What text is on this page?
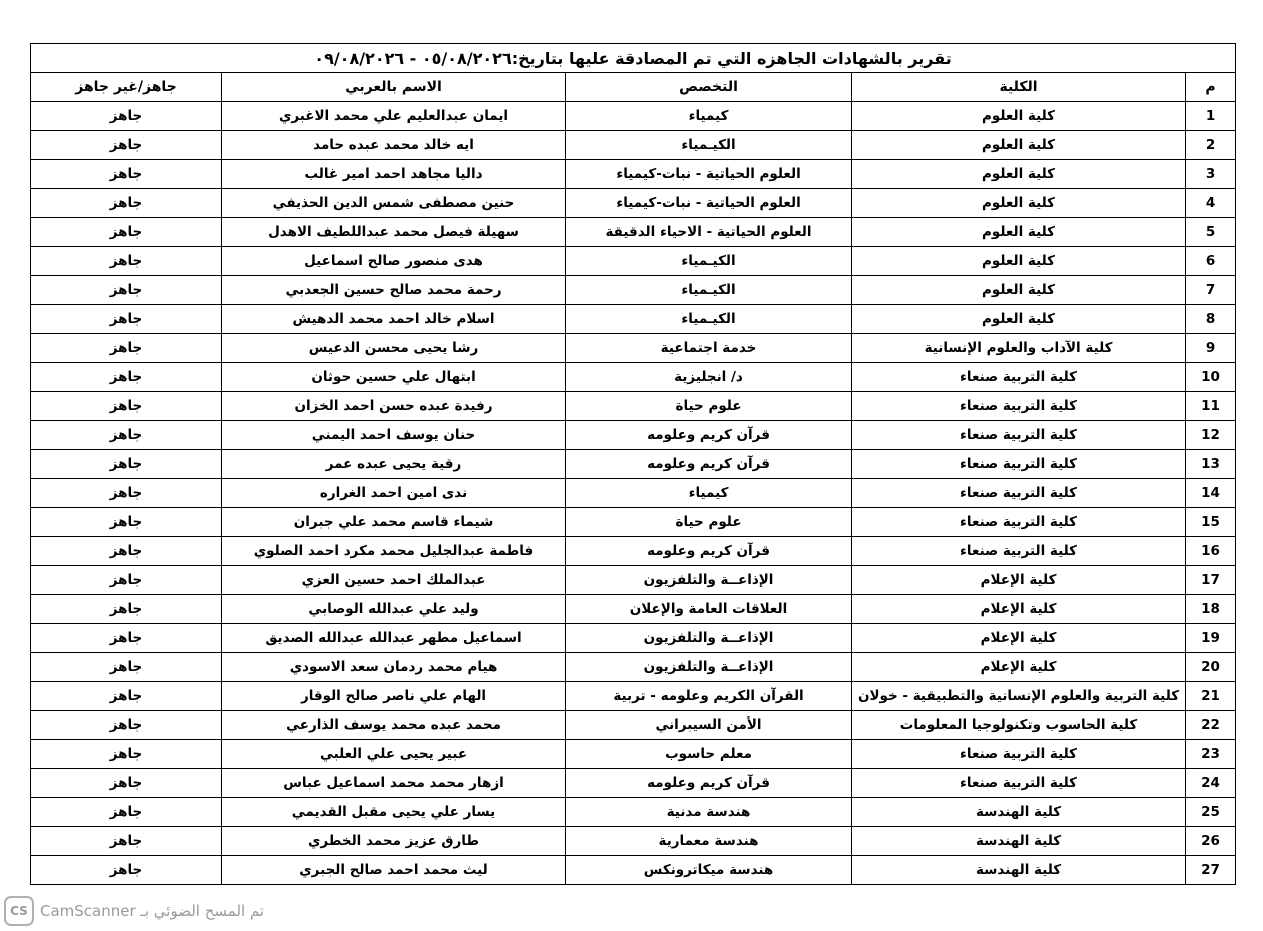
تقرير بالشهادات الجاهزه التي تم المصادقة عليها بتاريخ:٠٥/٠٨/٢٠٢٦ - ٠٩/٠٨/٢٠٢٦				
م	الكلية	التخصص	الاسم بالعربي	جاهز/غير جاهز
1	كلية العلوم	كيمياء	ايمان عبدالعليم علي محمد الاغبري	جاهز
2	كلية العلوم	الكيـمياء	ايه خالد محمد عبده حامد	جاهز
3	كلية العلوم	العلوم الحياتية - نبات-كيمياء	داليا مجاهد احمد امير غالب	جاهز
4	كلية العلوم	العلوم الحياتية - نبات-كيمياء	حنين مصطفى شمس الدين الحذيفي	جاهز
5	كلية العلوم	العلوم الحياتية - الاحياء الدقيقة	سهيلة فيصل محمد عبداللطيف الاهدل	جاهز
6	كلية العلوم	الكيـمياء	هدى منصور صالح اسماعيل	جاهز
7	كلية العلوم	الكيـمياء	رحمة محمد صالح حسين الجعدبي	جاهز
8	كلية العلوم	الكيـمياء	اسلام خالد احمد محمد الدهيش	جاهز
9	كلية الآداب والعلوم الإنسانية	خدمة اجتماعية	رشا يحيى محسن الدعيس	جاهز
10	كلية التربية صنعاء	د/ انجليزية	ابتهال علي حسين حوثان	جاهز
11	كلية التربية صنعاء	علوم حياة	رفيدة عبده حسن احمد الخزان	جاهز
12	كلية التربية صنعاء	قرآن كريم وعلومه	حنان يوسف احمد اليمني	جاهز
13	كلية التربية صنعاء	قرآن كريم وعلومه	رقية يحيى عبده عمر	جاهز
14	كلية التربية صنعاء	كيمياء	ندى امين احمد الغراره	جاهز
15	كلية التربية صنعاء	علوم حياة	شيماء قاسم محمد علي جبران	جاهز
16	كلية التربية صنعاء	قرآن كريم وعلومه	فاطمة عبدالجليل محمد مكرد احمد الصلوي	جاهز
17	كلية الإعلام	الإذاعــة والتلفزيون	عبدالملك احمد حسين العزي	جاهز
18	كلية الإعلام	العلاقات العامة والإعلان	وليد علي عبدالله الوصابي	جاهز
19	كلية الإعلام	الإذاعــة والتلفزيون	اسماعيل مطهر عبدالله عبدالله الصديق	جاهز
20	كلية الإعلام	الإذاعــة والتلفزيون	هيام محمد ردمان سعد الاسودي	جاهز
21	كلية التربية والعلوم الإنسانية والتطبيقية - خولان	القرآن الكريم وعلومه - تربية	الهام علي ناصر صالح الوقار	جاهز
22	كلية الحاسوب وتكنولوجيا المعلومات	الأمن السيبراني	محمد عبده محمد يوسف الذارعي	جاهز
23	كلية التربية صنعاء	معلم حاسوب	عبير يحيى علي العلبي	جاهز
24	كلية التربية صنعاء	قرآن كريم وعلومه	ازهار محمد محمد اسماعيل عباس	جاهز
25	كلية الهندسة	هندسة مدنية	يسار علي يحيى مقبل القديمي	جاهز
26	كلية الهندسة	هندسة معمارية	طارق عزيز محمد الخطري	جاهز
27	كلية الهندسة	هندسة ميكاترونكس	ليث محمد احمد صالح الجبري	جاهز
CS تم المسح الضوئي بـ CamScanner
